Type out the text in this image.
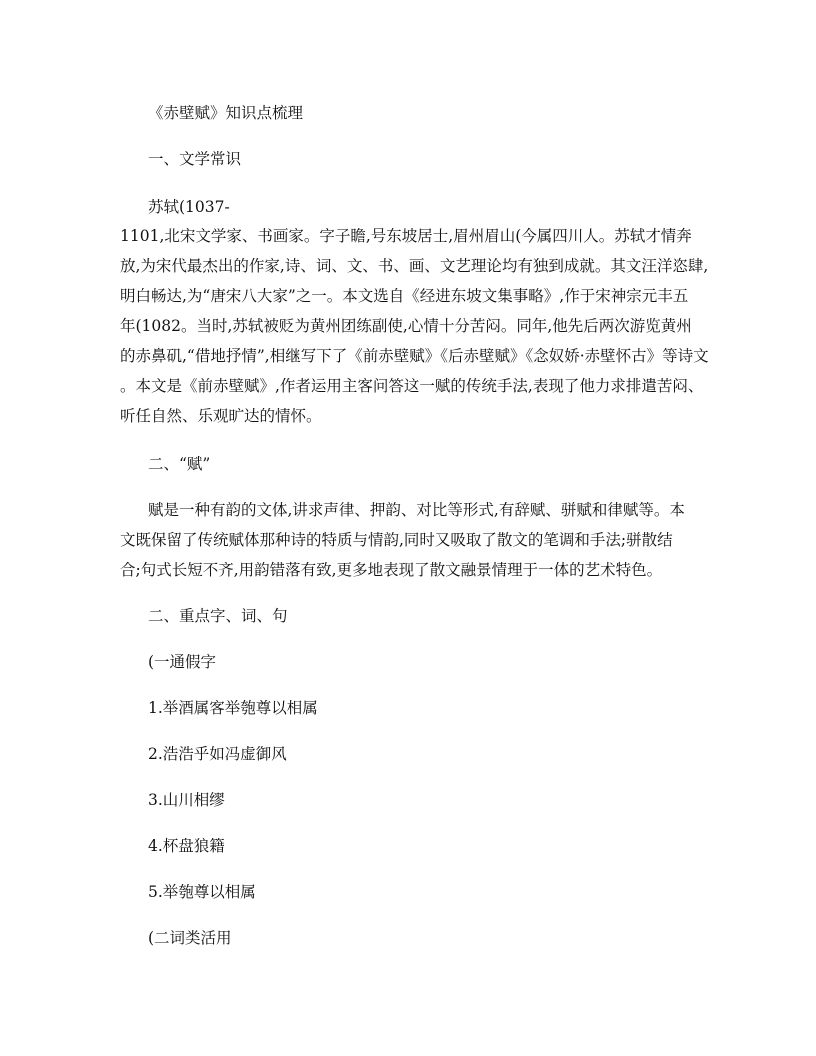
《赤壁赋》知识点梳理
一、文学常识
苏轼(1037-
1101,北宋文学家、书画家。字子瞻,号东坡居士,眉州眉山(今属四川人。苏轼才情奔
放,为宋代最杰出的作家,诗、词、文、书、画、文艺理论均有独到成就。其文汪洋恣肆,
明白畅达,为“唐宋八大家”之一。本文选自《经进东坡文集事略》,作于宋神宗元丰五
年(1082。当时,苏轼被贬为黄州团练副使,心情十分苦闷。同年,他先后两次游览黄州
的赤鼻矶,“借地抒情”,相继写下了《前赤壁赋》《后赤壁赋》《念奴娇·赤壁怀古》等诗文
。本文是《前赤壁赋》,作者运用主客问答这一赋的传统手法,表现了他力求排遣苦闷、
听任自然、乐观旷达的情怀。
二、“赋”
赋是一种有韵的文体,讲求声律、押韵、对比等形式,有辞赋、骈赋和律赋等。本
文既保留了传统赋体那种诗的特质与情韵,同时又吸取了散文的笔调和手法;骈散结
合;句式长短不齐,用韵错落有致,更多地表现了散文融景情理于一体的艺术特色。
二、重点字、词、句
(一通假字
1.举酒属客举匏尊以相属
2.浩浩乎如冯虚御风
3.山川相缪
4.杯盘狼籍
5.举匏尊以相属
(二词类活用
